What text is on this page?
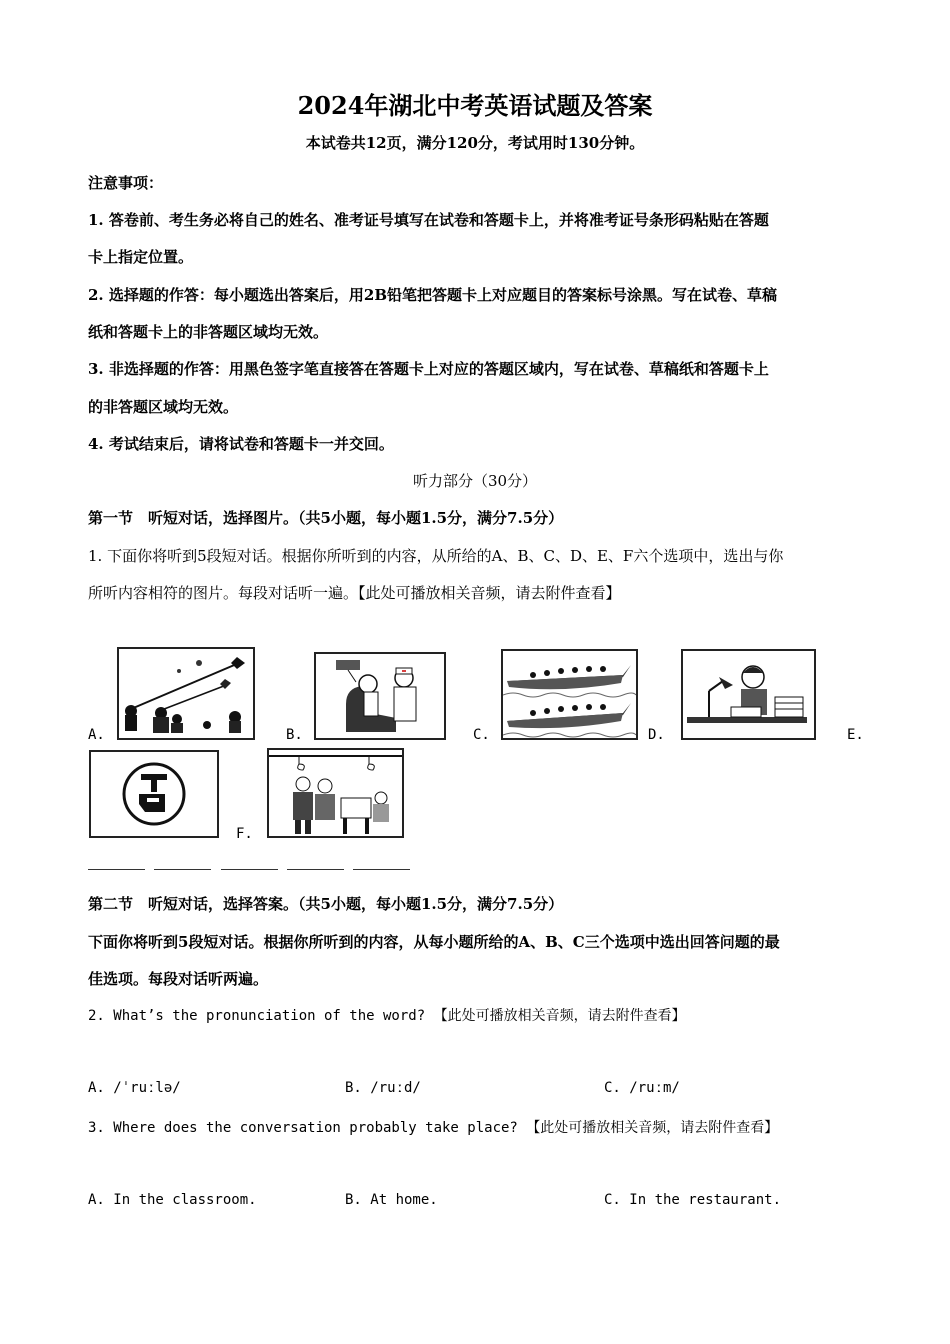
2024年湖北中考英语试题及答案
本试卷共12页，满分120分，考试用时130分钟。
注意事项：
1. 答卷前、考生务必将自己的姓名、准考证号填写在试卷和答题卡上，并将准考证号条形码粘贴在答题
卡上指定位置。
2. 选择题的作答：每小题选出答案后，用2B铅笔把答题卡上对应题目的答案标号涂黑。写在试卷、草稿
纸和答题卡上的非答题区域均无效。
3. 非选择题的作答：用黑色签字笔直接答在答题卡上对应的答题区域内，写在试卷、草稿纸和答题卡上
的非答题区域均无效。
4. 考试结束后，请将试卷和答题卡一并交回。
听力部分（30分）
第一节　听短对话，选择图片。（共5小题，每小题1.5分，满分7.5分）
1. 下面你将听到5段短对话。根据你所听到的内容，从所给的A、B、C、D、E、F六个选项中，选出与你
所听内容相符的图片。每段对话听一遍。【此处可播放相关音频，请去附件查看】
A.	B.	C.	D.	E.
F.
第二节　听短对话，选择答案。（共5小题，每小题1.5分，满分7.5分）
下面你将听到5段短对话。根据你所听到的内容，从每小题所给的A、B、C三个选项中选出回答问题的最
佳选项。每段对话听两遍。
2. What’s the pronunciation of the word? 【此处可播放相关音频，请去附件查看】
A. /ˈruːlə/	B. /ruːd/	C. /ruːm/
3. Where does the conversation probably take place? 【此处可播放相关音频，请去附件查看】
A. In the classroom.	B. At home.	C. In the restaurant.
